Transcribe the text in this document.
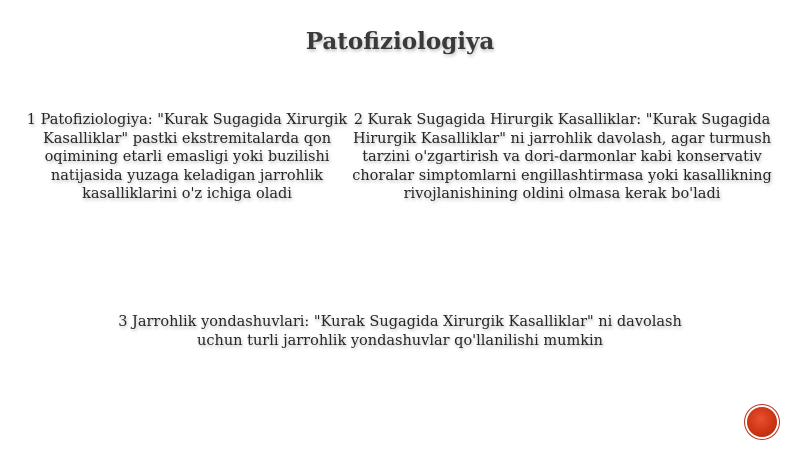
Patofiziologiya
1 Patofiziologiya: "Kurak Sugagida Xirurgik Kasalliklar" pastki ekstremitalarda qon oqimining etarli emasligi yoki buzilishi natijasida yuzaga keladigan jarrohlik kasalliklarini o'z ichiga oladi
2 Kurak Sugagida Hirurgik Kasalliklar: "Kurak Sugagida Hirurgik Kasalliklar" ni jarrohlik davolash, agar turmush tarzini o'zgartirish va dori-darmonlar kabi konservativ choralar simptomlarni engillashtirmasa yoki kasallikning rivojlanishining oldini olmasa kerak bo'ladi
3 Jarrohlik yondashuvlari: "Kurak Sugagida Xirurgik Kasalliklar" ni davolash uchun turli jarrohlik yondashuvlar qo'llanilishi mumkin
